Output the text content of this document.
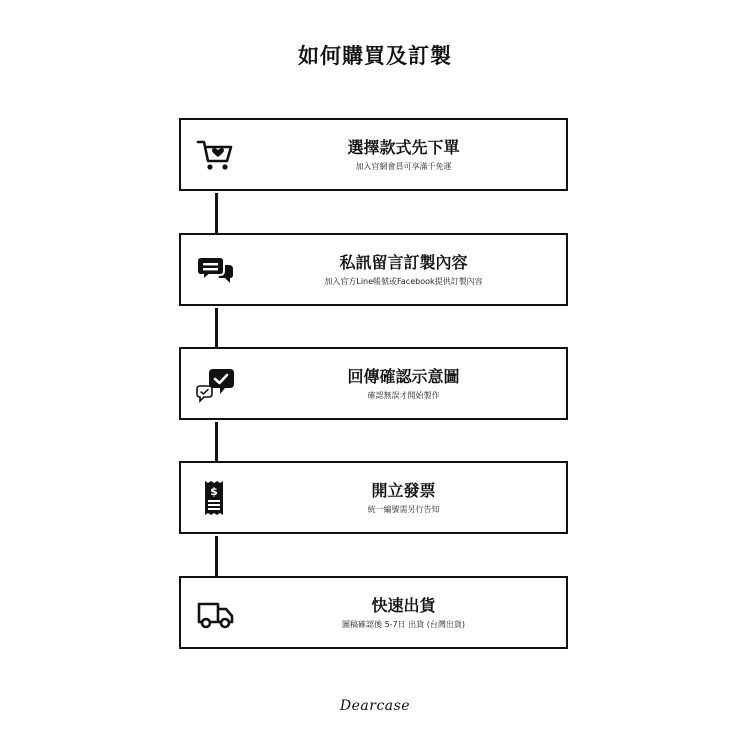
如何購買及訂製
選擇款式先下單
加入官網會員可享滿千免運
私訊留言訂製內容
加入官方Line帳號或Facebook提供訂製內容
回傳確認示意圖
確認無誤才開始製作
$	開立發票
統一編號需另行告知
快速出貨
圖稿確認後 5-7日 出貨 (台灣出貨)
Dearcase
